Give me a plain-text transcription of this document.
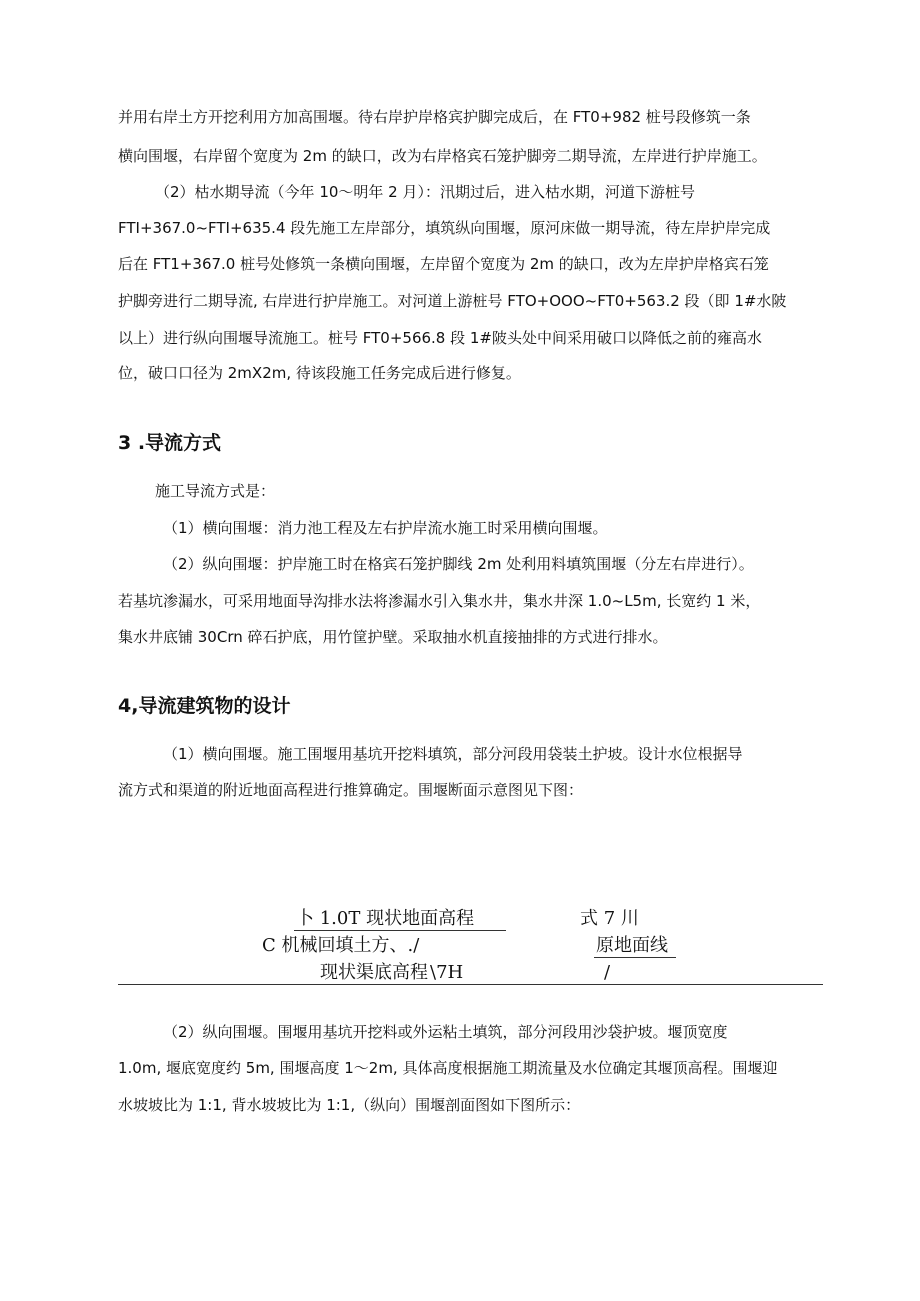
并用右岸土方开挖利用方加高围堰。待右岸护岸格宾护脚完成后，在 FT0+982 桩号段修筑一条

横向围堰，右岸留个宽度为 2m 的缺口，改为右岸格宾石笼护脚旁二期导流，左岸进行护岸施工。

（2）枯水期导流（今年 10～明年 2 月）：汛期过后，进入枯水期，河道下游桩号

FTI+367.0~FTI+635.4 段先施工左岸部分，填筑纵向围堰，原河床做一期导流，待左岸护岸完成

后在 FT1+367.0 桩号处修筑一条横向围堰，左岸留个宽度为 2m 的缺口，改为左岸护岸格宾石笼

护脚旁进行二期导流, 右岸进行护岸施工。对河道上游桩号 FTO+OOO~FT0+563.2 段（即 1#水陂

以上）进行纵向围堰导流施工。桩号 FT0+566.8 段 1#陂头处中间采用破口以降低之前的雍高水

位，破口口径为 2mX2m, 待该段施工任务完成后进行修复。

3 .导流方式

施工导流方式是：

（1）横向围堰：消力池工程及左右护岸流水施工时采用横向围堰。

（2）纵向围堰：护岸施工时在格宾石笼护脚线 2m 处利用料填筑围堰（分左右岸进行）。

若基坑渗漏水，可采用地面导沟排水法将渗漏水引入集水井，集水井深 1.0~L5m, 长宽约 1 米，

集水井底铺 30Crn 碎石护底，用竹筐护壁。采取抽水机直接抽排的方式进行排水。

4,导流建筑物的设计

（1）横向围堰。施工围堰用基坑开挖料填筑，部分河段用袋装土护坡。设计水位根据导

流方式和渠道的附近地面高程进行推算确定。围堰断面示意图见下图：

卜 1.0T 现状地面高程	式 7 川
C 机械回填土方、./	原地面线
现状渠底高程 \7H	/

（2）纵向围堰。围堰用基坑开挖料或外运粘土填筑，部分河段用沙袋护坡。堰顶宽度

1.0m, 堰底宽度约 5m, 围堰高度 1～2m, 具体高度根据施工期流量及水位确定其堰顶高程。围堰迎

水坡坡比为 1:1, 背水坡坡比为 1:1,（纵向）围堰剖面图如下图所示：
